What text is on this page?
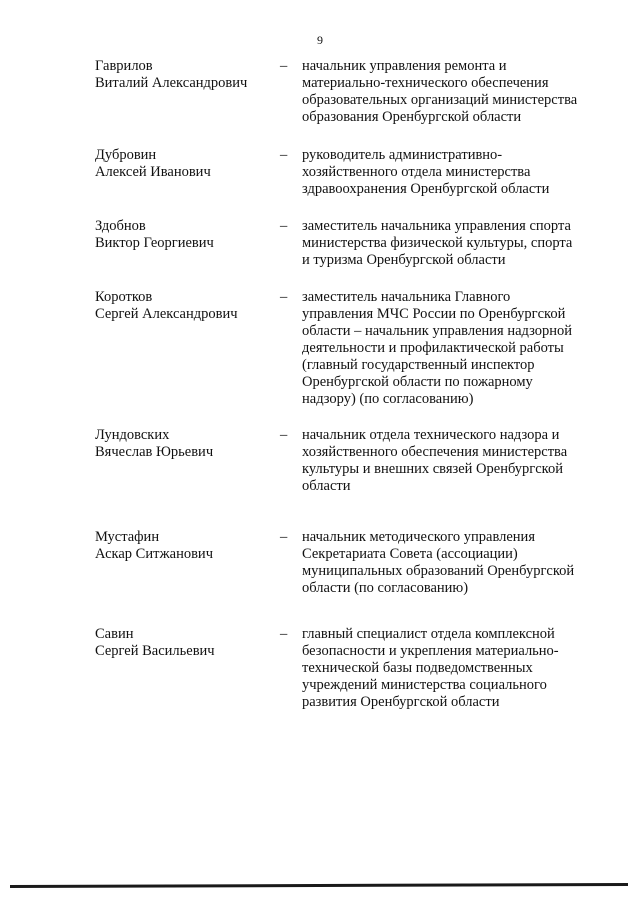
9
Гаврилов
Виталий Александрович
–	начальник управления ремонта и
материально-технического обеспечения
образовательных организаций министерства
образования Оренбургской области
Дубровин
Алексей Иванович
–	руководитель административно-
хозяйственного отдела министерства
здравоохранения Оренбургской области
Здобнов
Виктор Георгиевич
–	заместитель начальника управления спорта
министерства физической культуры, спорта
и туризма Оренбургской области
Коротков
Сергей Александрович
–	заместитель начальника Главного
управления МЧС России по Оренбургской
области – начальник управления надзорной
деятельности и профилактической работы
(главный государственный инспектор
Оренбургской области по пожарному
надзору) (по согласованию)
Лундовских
Вячеслав Юрьевич
–	начальник отдела технического надзора и
хозяйственного обеспечения министерства
культуры и внешних связей Оренбургской
области
Мустафин
Аскар Ситжанович
–	начальник методического управления
Секретариата Совета (ассоциации)
муниципальных образований Оренбургской
области (по согласованию)
Савин
Сергей Васильевич
–	главный специалист отдела комплексной
безопасности и укрепления материально-
технической базы подведомственных
учреждений министерства социального
развития Оренбургской области
